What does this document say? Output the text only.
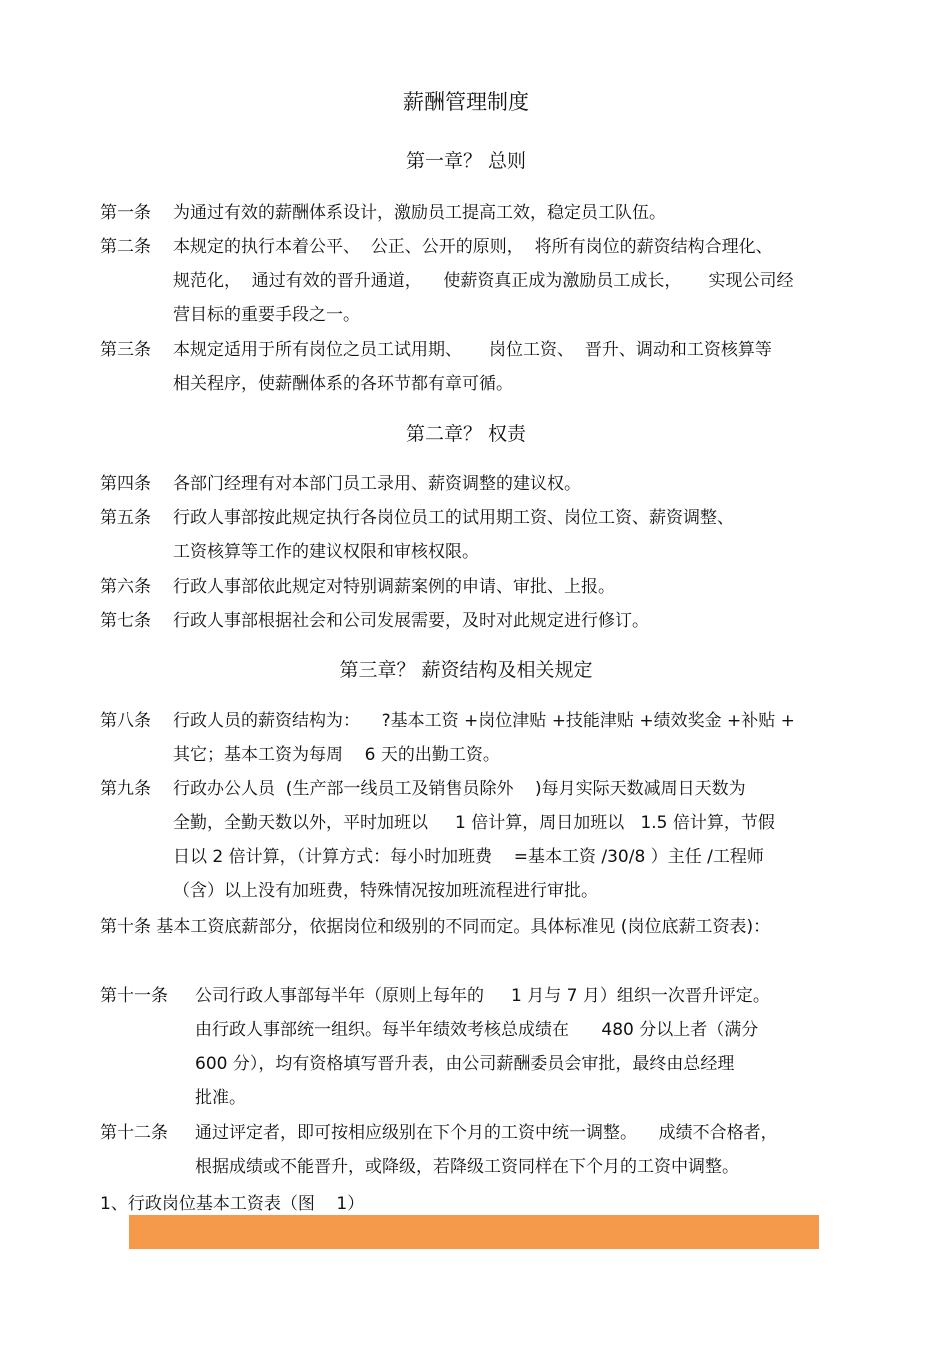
薪酬管理制度
第一章？ 总则
第一条 为通过有效的薪酬体系设计，激励员工提高工效，稳定员工队伍。
第二条 本规定的执行本着公平、  公正、公开的原则，  将所有岗位的薪资结构合理化、
规范化，  通过有效的晋升通道，    使薪资真正成为激励员工成长，     实现公司经
营目标的重要手段之一。
第三条 本规定适用于所有岗位之员工试用期、     岗位工资、  晋升、调动和工资核算等
相关程序，使薪酬体系的各环节都有章可循。
第二章？ 权责
第四条 各部门经理有对本部门员工录用、薪资调整的建议权。
第五条 行政人事部按此规定执行各岗位员工的试用期工资、岗位工资、薪资调整、
工资核算等工作的建议权限和审核权限。
第六条 行政人事部依此规定对特别调薪案例的申请、审批、上报。
第七条 行政人事部根据社会和公司发展需要，及时对此规定进行修订。
第三章？ 薪资结构及相关规定
第八条 行政人员的薪资结构为：    ?基本工资 +岗位津贴 +技能津贴 +绩效奖金 +补贴 +
其它；基本工资为每周    6 天的出勤工资。
第九条 行政办公人员  (生产部一线员工及销售员除外    )每月实际天数减周日天数为
全勤，全勤天数以外，平时加班以     1 倍计算，周日加班以   1.5 倍计算，节假
日以 2 倍计算，（计算方式：每小时加班费    =基本工资 /30/8 ）主任 /工程师
（含）以上没有加班费，特殊情况按加班流程进行审批。
第十条 基本工资底薪部分，依据岗位和级别的不同而定。具体标准见 (岗位底薪工资表)：
第十一条 公司行政人事部每半年（原则上每年的     1 月与 7 月）组织一次晋升评定。
由行政人事部统一组织。每半年绩效考核总成绩在      480 分以上者（满分
600 分），均有资格填写晋升表，由公司薪酬委员会审批，最终由总经理
批准。
第十二条 通过评定者，即可按相应级别在下个月的工资中统一调整。    成绩不合格者，
根据成绩或不能晋升，或降级，若降级工资同样在下个月的工资中调整。
1、行政岗位基本工资表（图    1）
